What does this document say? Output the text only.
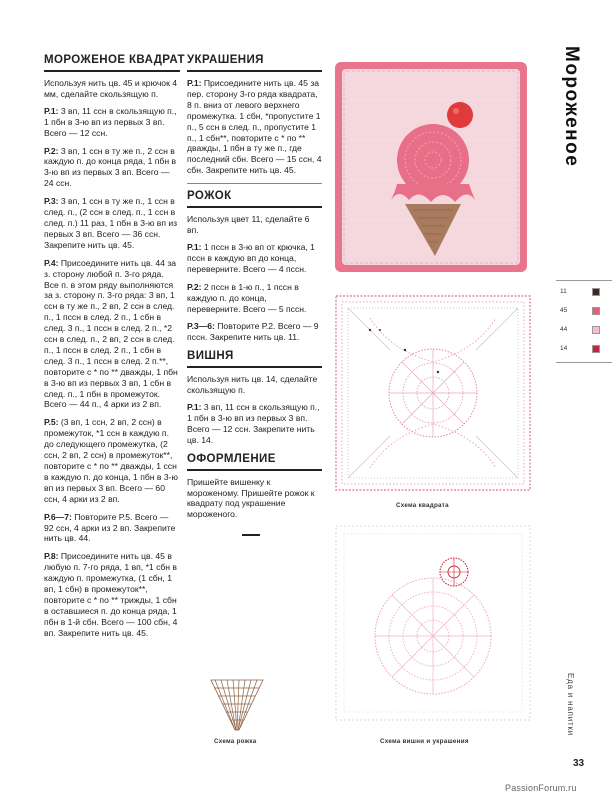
МОРОЖЕНОЕ КВАДРАТ
Используя нить цв. 45 и крючок 4 мм, сделайте скользящую п.
Р.1: 3 вп, 11 ссн в скользящую п., 1 пбн в 3-ю вп из первых 3 вп. Всего — 12 ссн.
Р.2: 3 вп, 1 ссн в ту же п., 2 ссн в каждую п. до конца ряда, 1 пбн в 3-ю вп из первых 3 вп. Всего — 24 ссн.
Р.3: 3 вп, 1 ссн в ту же п., 1 ссн в след. п., (2 ссн в след. п., 1 ссн в след. п.) 11 раз, 1 пбн в 3-ю вп из первых 3 вп. Всего — 36 ссн. Закрепите нить цв. 45.
Р.4: Присоедините нить цв. 44 за з. сторону любой п. 3-го ряда. Все п. в этом ряду выполняются за з. сторону п. 3-го ряда: 3 вп, 1 ссн в ту же п., 2 вп, 2 ссн в след. п., 1 пссн в след. 2 п., 1 сбн в след. 3 п., 1 пссн в след. 2 п., *2 ссн в след. п., 2 вп, 2 ссн в след. п., 1 пссн в след. 2 п., 1 сбн в след. 3 п., 1 пссн в след. 2 п.**, повторите с * по ** дважды, 1 пбн в 3-ю вп из первых 3 вп, 1 сбн в след. п., 1 пбн в промежуток. Всего — 44 п., 4 арки из 2 вп.
Р.5: (3 вп, 1 ссн, 2 вп, 2 ссн) в промежуток, *1 ссн в каждую п. до следующего промежутка, (2 ссн, 2 вп, 2 ссн) в промежуток**, повторите с * по ** дважды, 1 ссн в каждую п. до конца, 1 пбн в 3-ю вп из первых 3 вп. Всего — 60 ссн, 4 арки из 2 вп.
Р.6—7: Повторите Р.5. Всего — 92 ссн, 4 арки из 2 вп. Закрепите нить цв. 44.
Р.8: Присоедините нить цв. 45 в любую п. 7-го ряда, 1 вп, *1 сбн в каждую п. промежутка, (1 сбн, 1 вп, 1 сбн) в промежуток**, повторите с * по ** трижды, 1 сбн в оставшиеся п. до конца ряда, 1 пбн в 1-й сбн. Всего — 100 сбн, 4 вп. Закрепите нить цв. 45.
УКРАШЕНИЯ
Р.1: Присоедините нить цв. 45 за пер. сторону 3-го ряда квадрата, 8 п. вниз от левого верхнего промежутка. 1 сбн, *пропустите 1 п., 5 ссн в след. п., пропустите 1 п., 1 сбн**, повторите с * по ** дважды, 1 пбн в ту же п., где последний сбн. Всего — 15 ссн, 4 сбн. Закрепите нить цв. 45.
РОЖОК
Используя цвет 11, сделайте 6 вп.
Р.1: 1 пссн в 3-ю вп от крючка, 1 пссн в каждую вп до конца, переверните. Всего — 4 пссн.
Р.2: 2 пссн в 1-ю п., 1 пссн в каждую п. до конца, переверните. Всего — 5 пссн.
Р.3—6: Повторите Р.2. Всего — 9 пссн. Закрепите нить цв. 11.
ВИШНЯ
Используя нить цв. 14, сделайте скользящую п.
Р.1: 3 вп, 11 ссн в скользящую п., 1 пбн в 3-ю вп из первых 3 вп. Всего — 12 ссн. Закрепите нить цв. 14.
ОФОРМЛЕНИЕ
Пришейте вишенку к мороженому. Пришейте рожок к квадрату под украшение мороженого.
Мороженое
Еда и напитки
11
45
44
14
Схема квадрата
Схема вишни и украшения
Схема рожка
33
PassionForum.ru
